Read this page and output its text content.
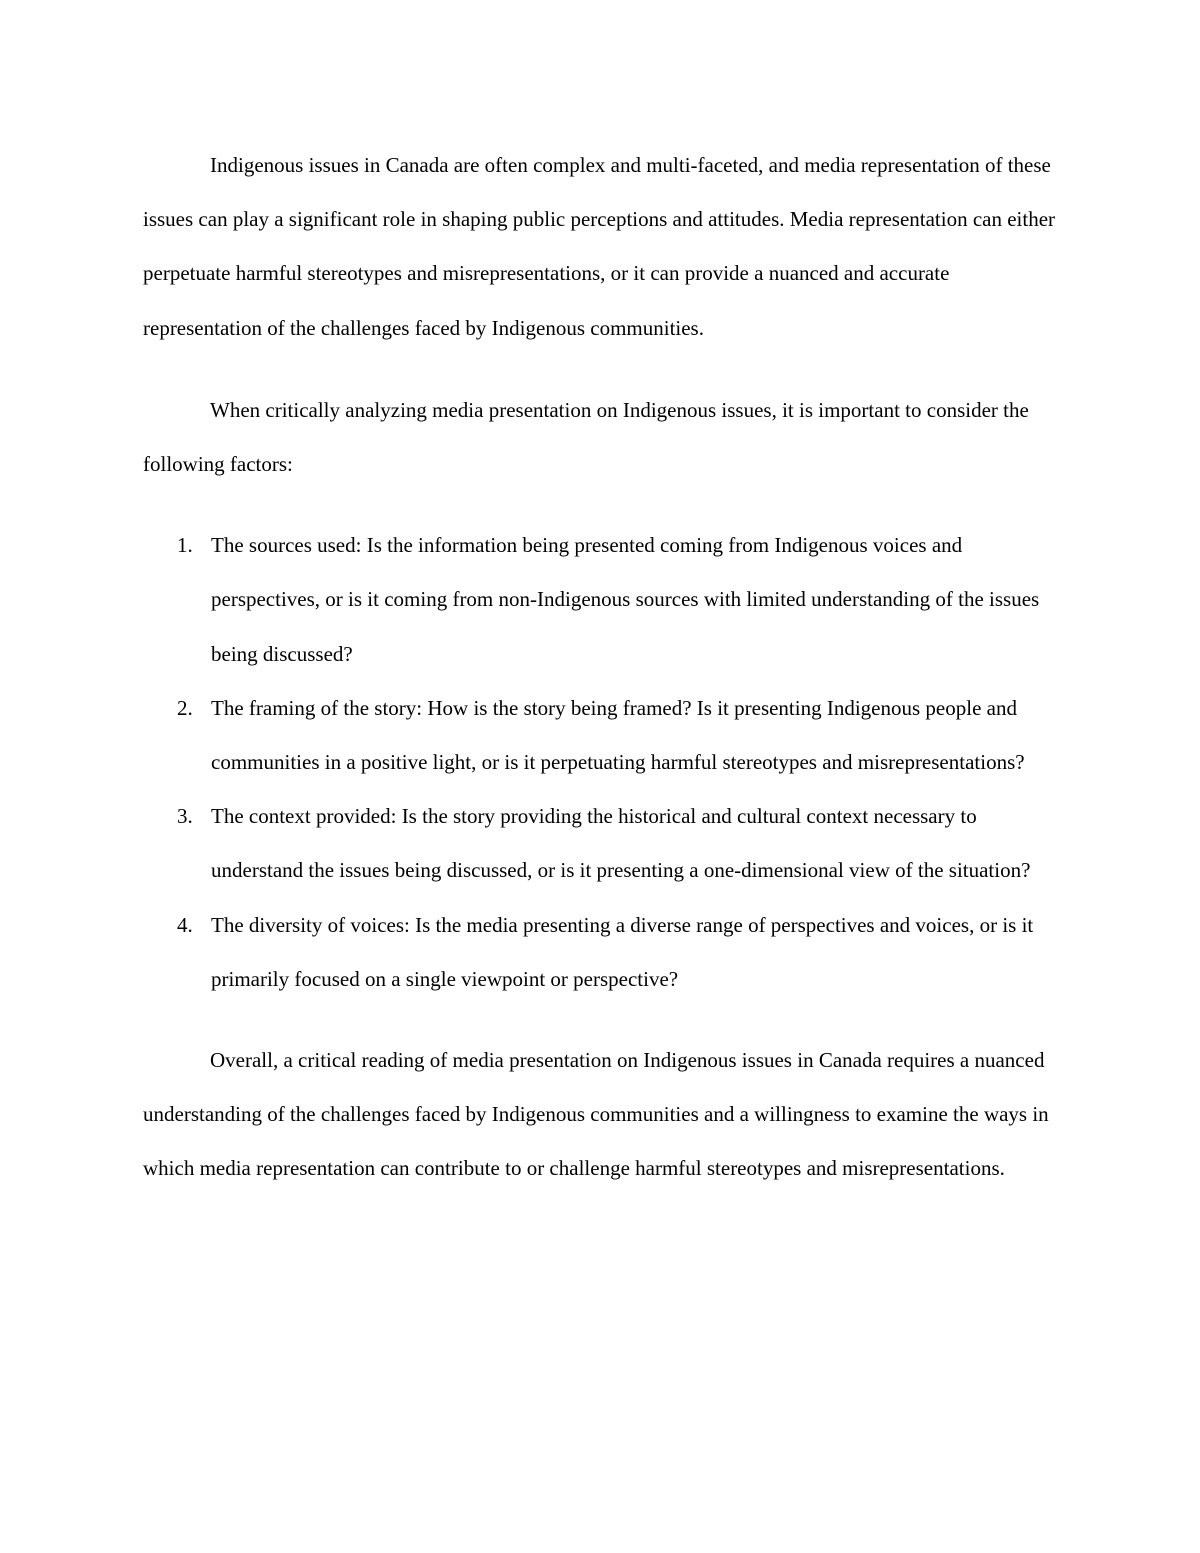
Indigenous issues in Canada are often complex and multi-faceted, and media representation of these issues can play a significant role in shaping public perceptions and attitudes. Media representation can either perpetuate harmful stereotypes and misrepresentations, or it can provide a nuanced and accurate representation of the challenges faced by Indigenous communities.

When critically analyzing media presentation on Indigenous issues, it is important to consider the following factors:

1. The sources used: Is the information being presented coming from Indigenous voices and perspectives, or is it coming from non-Indigenous sources with limited understanding of the issues being discussed?
2. The framing of the story: How is the story being framed? Is it presenting Indigenous people and communities in a positive light, or is it perpetuating harmful stereotypes and misrepresentations?
3. The context provided: Is the story providing the historical and cultural context necessary to understand the issues being discussed, or is it presenting a one-dimensional view of the situation?
4. The diversity of voices: Is the media presenting a diverse range of perspectives and voices, or is it primarily focused on a single viewpoint or perspective?

Overall, a critical reading of media presentation on Indigenous issues in Canada requires a nuanced understanding of the challenges faced by Indigenous communities and a willingness to examine the ways in which media representation can contribute to or challenge harmful stereotypes and misrepresentations.
